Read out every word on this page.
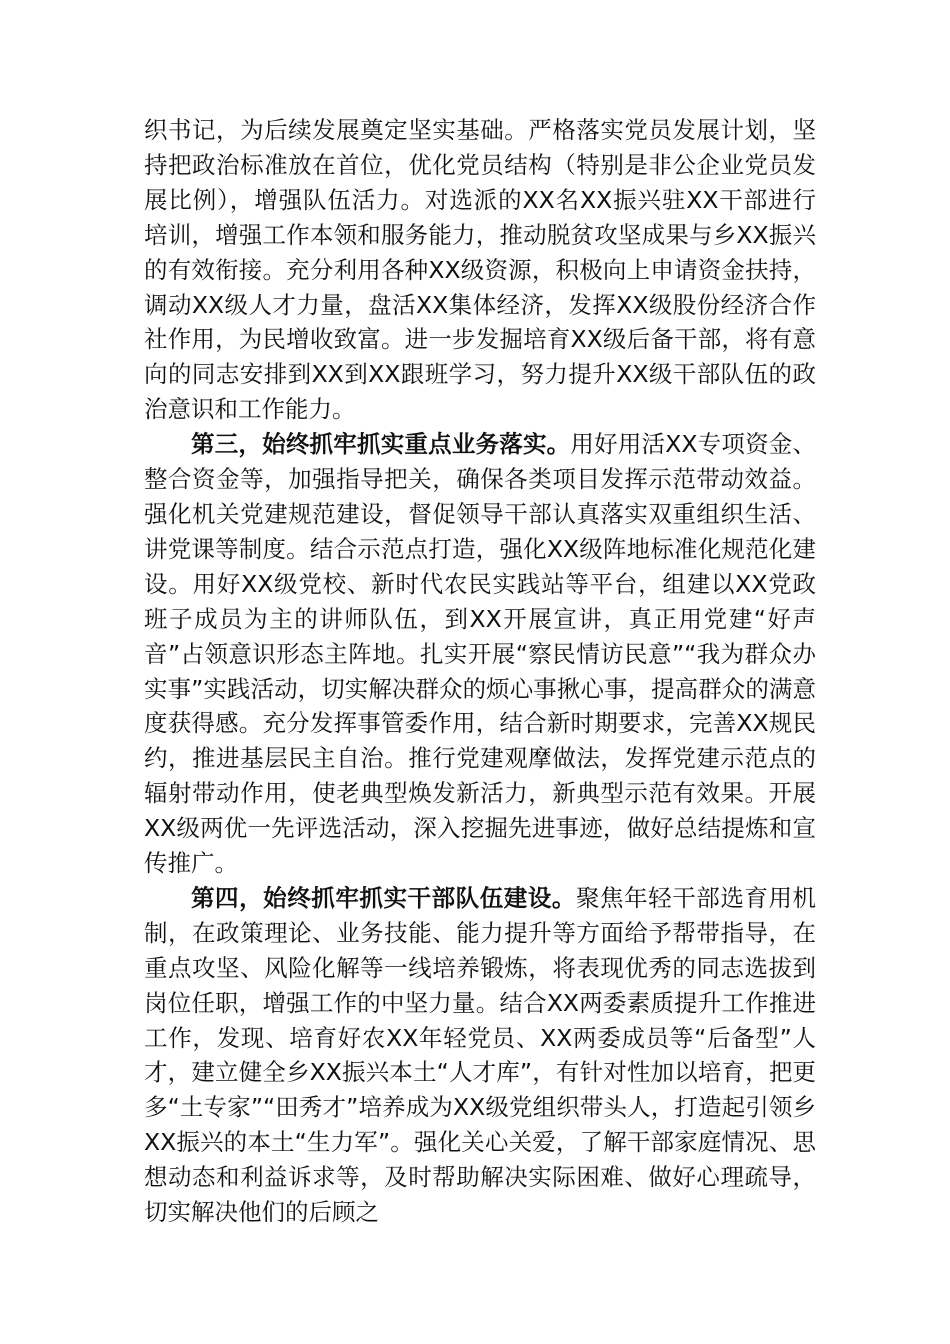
织书记，为后续发展奠定坚实基础。严格落实党员发展计划，坚持把政治标准放在首位，优化党员结构（特别是非公企业党员发展比例），增强队伍活力。对选派的XX名XX振兴驻XX干部进行培训，增强工作本领和服务能力，推动脱贫攻坚成果与乡XX振兴的有效衔接。充分利用各种XX级资源，积极向上申请资金扶持，调动XX级人才力量，盘活XX集体经济，发挥XX级股份经济合作社作用，为民增收致富。进一步发掘培育XX级后备干部，将有意向的同志安排到XX到XX跟班学习，努力提升XX级干部队伍的政治意识和工作能力。

第三，始终抓牢抓实重点业务落实。用好用活XX专项资金、整合资金等，加强指导把关，确保各类项目发挥示范带动效益。强化机关党建规范建设，督促领导干部认真落实双重组织生活、讲党课等制度。结合示范点打造，强化XX级阵地标准化规范化建设。用好XX级党校、新时代农民实践站等平台，组建以XX党政班子成员为主的讲师队伍，到XX开展宣讲，真正用党建“好声音”占领意识形态主阵地。扎实开展“察民情访民意”“我为群众办实事”实践活动，切实解决群众的烦心事揪心事，提高群众的满意度获得感。充分发挥事管委作用，结合新时期要求，完善XX规民约，推进基层民主自治。推行党建观摩做法，发挥党建示范点的辐射带动作用，使老典型焕发新活力，新典型示范有效果。开展XX级两优一先评选活动，深入挖掘先进事迹，做好总结提炼和宣传推广。

第四，始终抓牢抓实干部队伍建设。聚焦年轻干部选育用机制，在政策理论、业务技能、能力提升等方面给予帮带指导，在重点攻坚、风险化解等一线培养锻炼，将表现优秀的同志选拔到岗位任职，增强工作的中坚力量。结合XX两委素质提升工作推进工作，发现、培育好农XX年轻党员、XX两委成员等“后备型”人才，建立健全乡XX振兴本土“人才库”，有针对性加以培育，把更多“土专家”“田秀才”培养成为XX级党组织带头人，打造起引领乡XX振兴的本土“生力军”。强化关心关爱，了解干部家庭情况、思想动态和利益诉求等，及时帮助解决实际困难、做好心理疏导，切实解决他们的后顾之
